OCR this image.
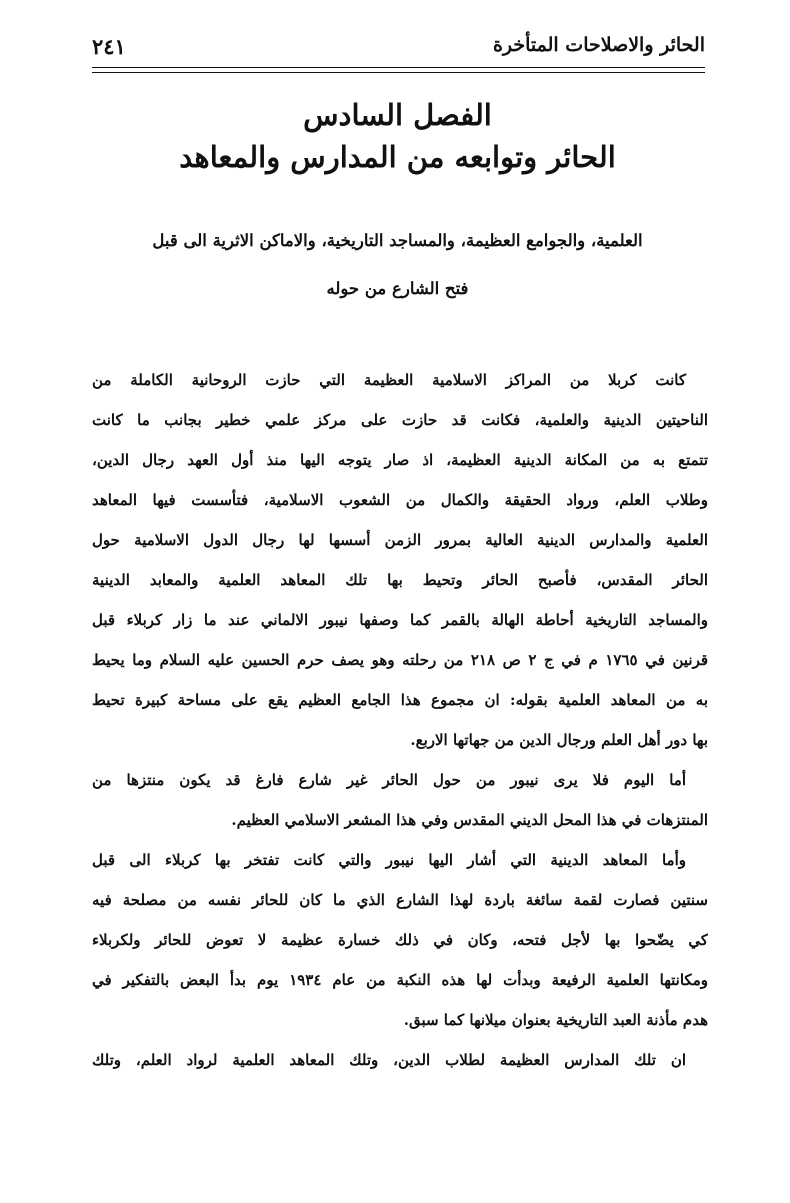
الحائر والاصلاحات المتأخرة
٢٤١
الفصل السادس
الحائر وتوابعه من المدارس والمعاهد
العلمية، والجوامع العظيمة، والمساجد التاريخية، والاماكن الاثرية الى قبل
فتح الشارع من حوله
كانت كربلا من المراكز الاسلامية العظيمة التي حازت الروحانية الكاملة من
الناحيتين الدينية والعلمية، فكانت قد حازت على مركز علمي خطير بجانب ما كانت
تتمتع به من المكانة الدينية العظيمة، اذ صار يتوجه اليها منذ أول العهد رجال الدين،
وطلاب العلم، ورواد الحقيقة والكمال من الشعوب الاسلامية، فتأسست فيها المعاهد
العلمية والمدارس الدينية العالية بمرور الزمن أسسها لها رجال الدول الاسلامية حول
الحائر المقدس، فأصبح الحائر وتحيط بها تلك المعاهد العلمية والمعابد الدينية
والمساجد التاريخية أحاطة الهالة بالقمر كما وصفها نيبور الالماني عند ما زار كربلاء قبل
قرنين في ١٧٦٥ م في ج ٢ ص ٢١٨ من رحلته وهو يصف حرم الحسين عليه السلام وما يحيط
به من المعاهد العلمية بقوله: ان مجموع هذا الجامع العظيم يقع على مساحة كبيرة تحيط
بها دور أهل العلم ورجال الدين من جهاتها الاربع.
أما اليوم فلا يرى نيبور من حول الحائر غير شارع فارغ قد يكون منتزها من
المنتزهات في هذا المحل الديني المقدس وفي هذا المشعر الاسلامي العظيم.
وأما المعاهد الدينية التي أشار اليها نيبور والتي كانت تفتخر بها كربلاء الى قبل
سنتين فصارت لقمة سائغة باردة لهذا الشارع الذي ما كان للحائر نفسه من مصلحة فيه
كي يضّحوا بها لأجل فتحه، وكان في ذلك خسارة عظيمة لا تعوض للحائر ولكربلاء
ومكانتها العلمية الرفيعة وبدأت لها هذه النكبة من عام ١٩٣٤ يوم بدأ البعض بالتفكير في
هدم مأذنة العبد التاريخية بعنوان ميلانها كما سبق.
ان تلك المدارس العظيمة لطلاب الدين، وتلك المعاهد العلمية لرواد العلم، وتلك
